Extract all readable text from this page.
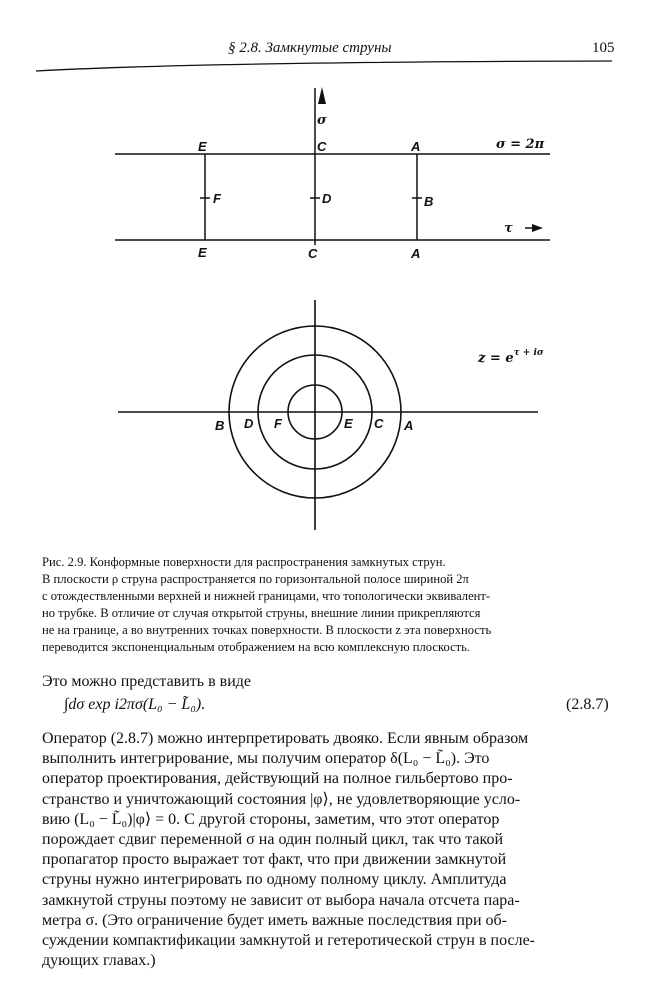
§ 2.8. Замкнутые струны	105
σ
τ
σ = 2π
E	C	A
F	D	B
E	C	A
$z = e^{\tau + i\sigma}$
B D F	E C A
Рис. 2.9. Конформные поверхности для распространения замкнутых струн.
В плоскости ρ струна распространяется по горизонтальной полосе шириной 2π
с отождествленными верхней и нижней границами, что топологически эквивалент-
но трубке. В отличие от случая открытой струны, внешние линии прикрепляются
не на границе, а во внутренних точках поверхности. В плоскости z эта поверхность
переводится экспоненциальным отображением на всю комплексную плоскость.
Это можно представить в виде
∫dσ exp i2πσ(L₀ − L̃₀).	(2.8.7)
Оператор (2.8.7) можно интерпретировать двояко. Если явным образом
выполнить интегрирование, мы получим оператор δ(L₀ − L̃₀). Это
оператор проектирования, действующий на полное гильбертово про-
странство и уничтожающий состояния |φ⟩, не удовлетворяющие усло-
вию (L₀ − L̃₀)|φ⟩ = 0. С другой стороны, заметим, что этот оператор
порождает сдвиг переменной σ на один полный цикл, так что такой
пропагатор просто выражает тот факт, что при движении замкнутой
струны нужно интегрировать по одному полному циклу. Амплитуда
замкнутой струны поэтому не зависит от выбора начала отсчета пара-
метра σ. (Это ограничение будет иметь важные последствия при об-
суждении компактификации замкнутой и гетеротической струн в после-
дующих главах.)
